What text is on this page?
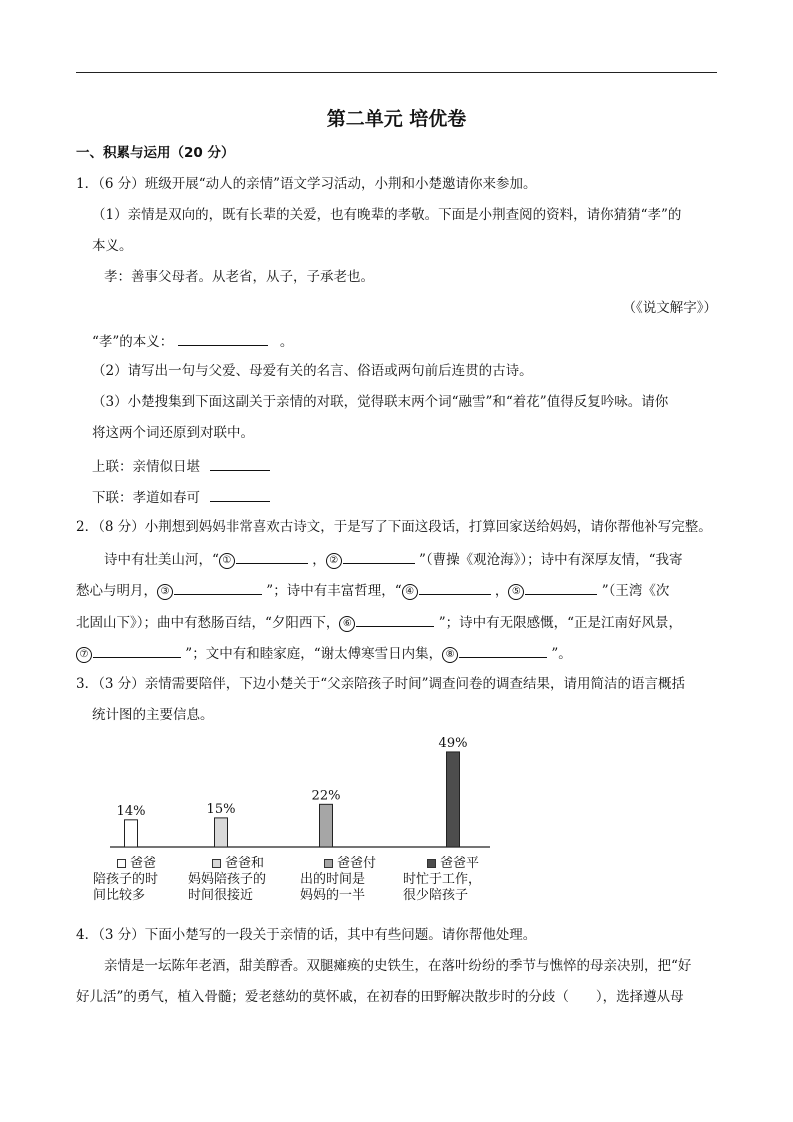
第二单元 培优卷
一、积累与运用（20 分）
1．（6 分）班级开展“动人的亲情”语文学习活动，小荆和小楚邀请你来参加。
（1）亲情是双向的，既有长辈的关爱，也有晚辈的孝敬。下面是小荆查阅的资料，请你猜猜“孝”的
本义。
孝：善事父母者。从老省，从子，子承老也。
（《说文解字》）
“孝”的本义：	。
（2）请写出一句与父爱、母爱有关的名言、俗语或两句前后连贯的古诗。
（3）小楚搜集到下面这副关于亲情的对联，觉得联末两个词“融雪”和“着花”值得反复吟咏。请你
将这两个词还原到对联中。
上联：亲情似日堪
下联：孝道如春可
2．（8 分）小荆想到妈妈非常喜欢古诗文，于是写了下面这段话，打算回家送给妈妈，请你帮他补写完整。
诗中有壮美山河，“ ①	， ②	”（曹操《观沧海》）；诗中有深厚友情，“我寄
愁心与明月， ③	”；诗中有丰富哲理，“ ④	， ⑤	”（王湾《次
北固山下》）；曲中有愁肠百结，“夕阳西下， ⑥	”；诗中有无限感慨，“正是江南好风景，
⑦	”；文中有和睦家庭，“谢太傅寒雪日内集， ⑧	”。
3．（3 分）亲情需要陪伴，下边小楚关于“父亲陪孩子时间”调查问卷的调查结果，请用简洁的语言概括
统计图的主要信息。
14%	15%
22%
49%
爸爸
陪孩子的时
间比较多
爸爸和
妈妈陪孩子的
时间很接近
爸爸付
出的时间是
妈妈的一半
爸爸平
时忙于工作，
很少陪孩子
4．（3 分）下面小楚写的一段关于亲情的话，其中有些问题。请你帮他处理。
亲情是一坛陈年老酒，甜美醇香。双腿瘫痪的史铁生，在落叶纷纷的季节与憔悴的母亲决别，把“好
好儿活”的勇气，植入骨髓；爱老慈幼的莫怀戚，在初春的田野解决散步时的分歧（　　），选择遵从母
